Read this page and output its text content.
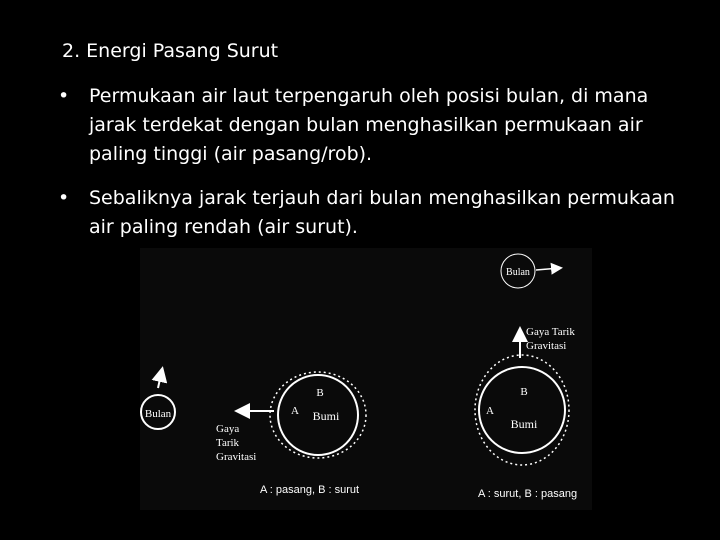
2. Energi Pasang Surut
• Permukaan air laut terpengaruh oleh posisi bulan, di mana jarak terdekat dengan bulan menghasilkan permukaan air paling tinggi (air pasang/rob).
• Sebaliknya jarak terjauh dari bulan menghasilkan permukaan air paling rendah (air surut).
Bulan
B
A Bumi
Gaya
Tarik
Gravitasi
A : pasang, B : surut
Bulan
B
A
Bumi
Gaya Tarik
Gravitasi
A : surut, B : pasang
